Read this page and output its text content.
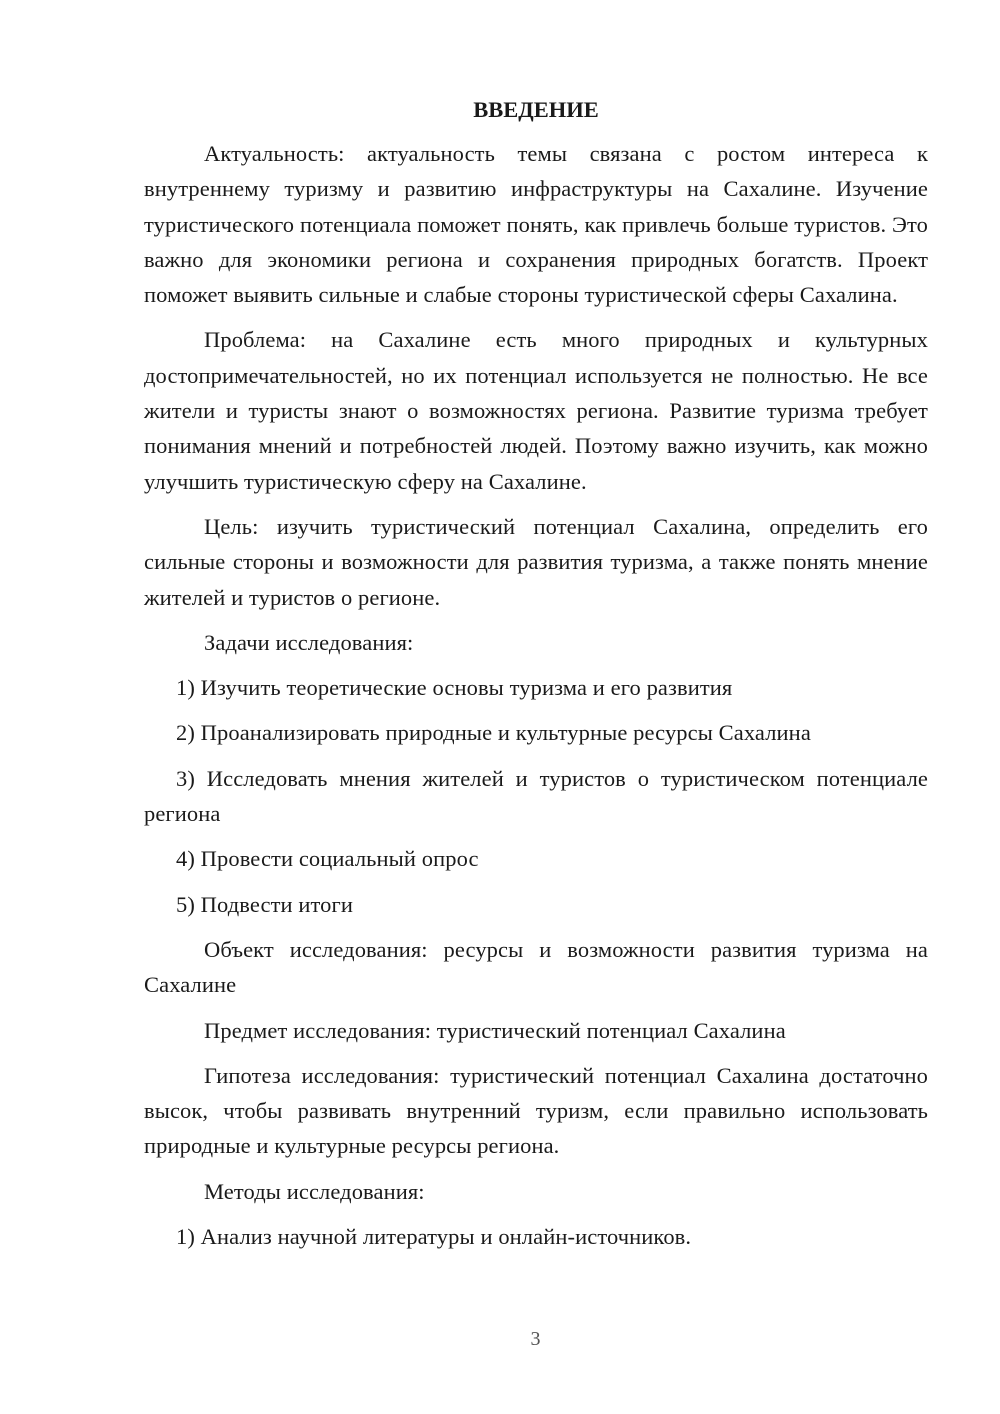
ВВЕДЕНИЕ

Актуальность: актуальность темы связана с ростом интереса к внутреннему туризму и развитию инфраструктуры на Сахалине. Изучение туристического потенциала поможет понять, как привлечь больше туристов. Это важно для экономики региона и сохранения природных богатств. Проект поможет выявить сильные и слабые стороны туристической сферы Сахалина.

Проблема: на Сахалине есть много природных и культурных достопримечательностей, но их потенциал используется не полностью. Не все жители и туристы знают о возможностях региона. Развитие туризма требует понимания мнений и потребностей людей. Поэтому важно изучить, как можно улучшить туристическую сферу на Сахалине.

Цель: изучить туристический потенциал Сахалина, определить его сильные стороны и возможности для развития туризма, а также понять мнение жителей и туристов о регионе.

Задачи исследования:

1) Изучить теоретические основы туризма и его развития

2) Проанализировать природные и культурные ресурсы Сахалина

3) Исследовать мнения жителей и туристов о туристическом потенциале региона

4) Провести социальный опрос

5) Подвести итоги

Объект исследования: ресурсы и возможности развития туризма на Сахалине

Предмет исследования: туристический потенциал Сахалина

Гипотеза исследования: туристический потенциал Сахалина достаточно высок, чтобы развивать внутренний туризм, если правильно использовать природные и культурные ресурсы региона.

Методы исследования:

1) Анализ научной литературы и онлайн-источников.

3
